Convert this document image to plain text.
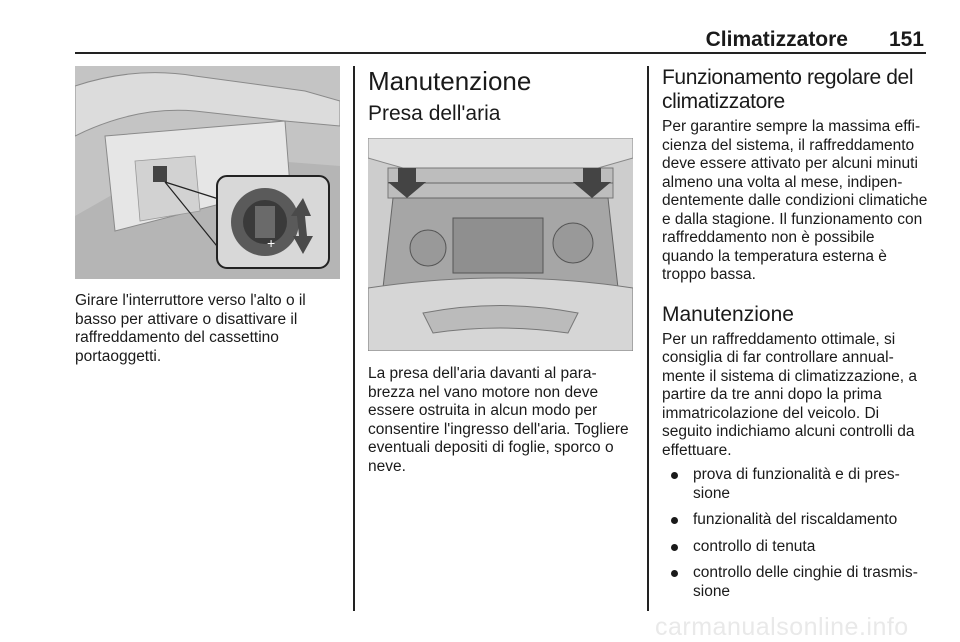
Climatizzatore 151
+

Girare l'interruttore verso l'alto o il basso per attivare o disattivare il raffreddamento del cassettino portaoggetti.

Manutenzione
Presa dell'aria

La presa dell'aria davanti al parabrezza nel vano motore non deve essere ostruita in alcun modo per consentire l'ingresso dell'aria. Togliere eventuali depositi di foglie, sporco o neve.

Funzionamento regolare del climatizzatore

Per garantire sempre la massima efficienza del sistema, il raffreddamento deve essere attivato per alcuni minuti almeno una volta al mese, indipendentemente dalle condizioni climatiche e dalla stagione. Il funzionamento con raffreddamento non è possibile quando la temperatura esterna è troppo bassa.

Manutenzione

Per un raffreddamento ottimale, si consiglia di far controllare annualmente il sistema di climatizzazione, a partire da tre anni dopo la prima immatricolazione del veicolo. Di seguito indichiamo alcuni controlli da effettuare.

prova di funzionalità e di pressione
funzionalità del riscaldamento
controllo di tenuta
controllo delle cinghie di trasmissione
carmanualsonline.info
